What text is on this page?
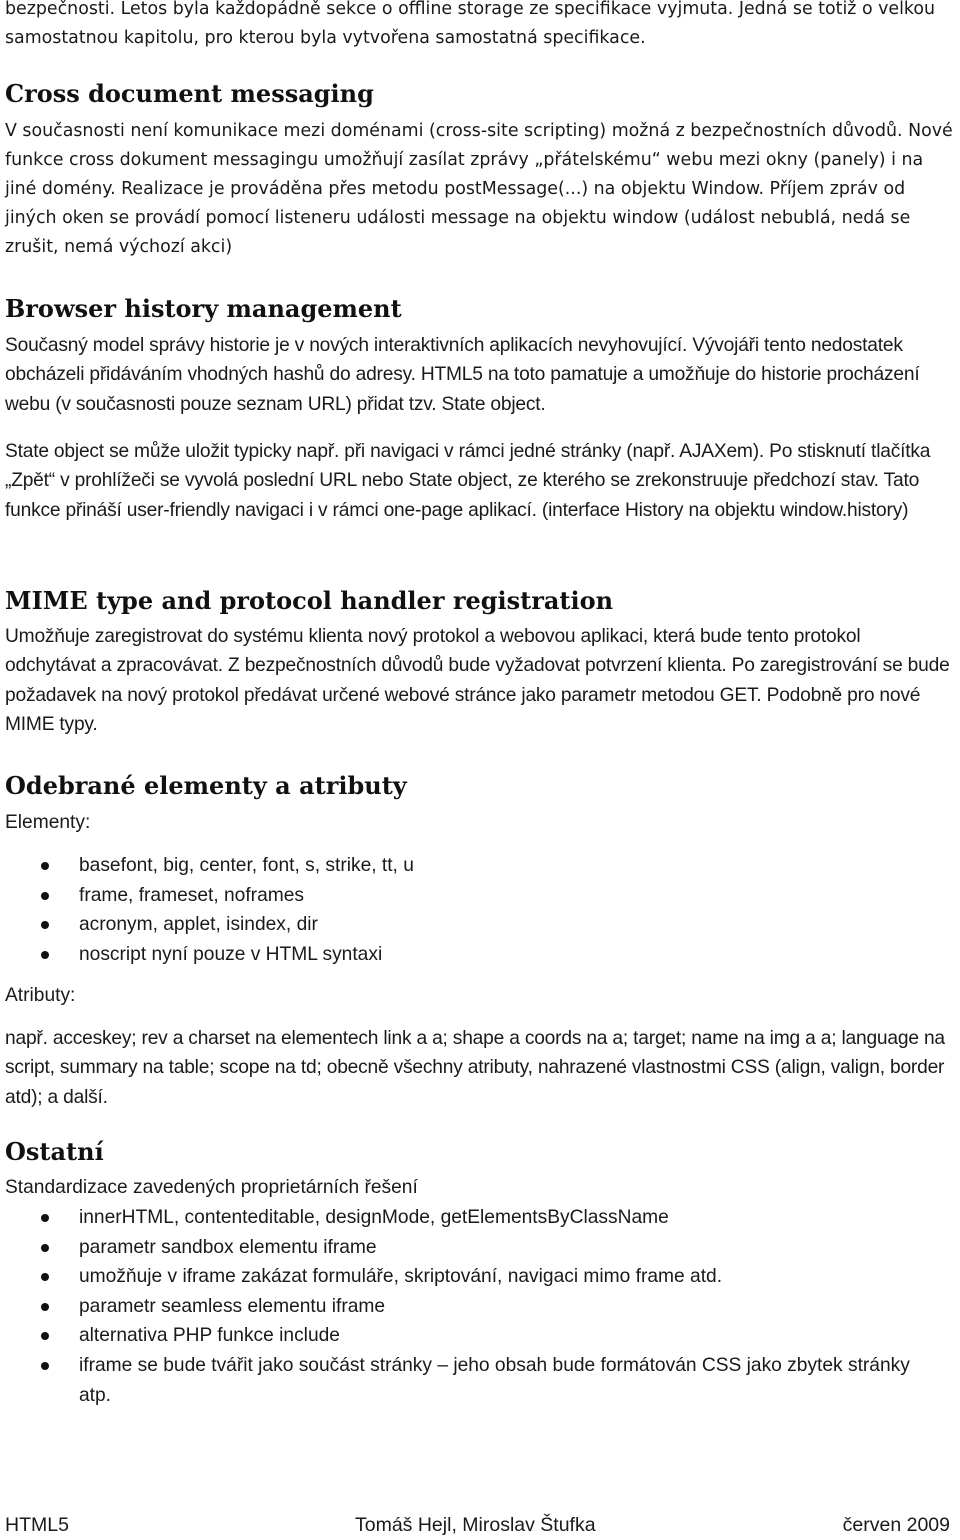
bezpečnosti. Letos byla každopádně sekce o offline storage ze specifikace vyjmuta. Jedná se totiž o velkou samostatnou kapitolu, pro kterou byla vytvořena samostatná specifikace.

Cross document messaging

V současnosti není komunikace mezi doménami (cross-site scripting) možná z bezpečnostních důvodů. Nové funkce cross dokument messagingu umožňují zasílat zprávy „přátelskému“ webu mezi okny (panely) i na jiné domény. Realizace je prováděna přes metodu postMessage(...) na objektu Window. Příjem zpráv od jiných oken se provádí pomocí listeneru události message na objektu window (událost nebublá, nedá se zrušit, nemá výchozí akci)

Browser history management

Současný model správy historie je v nových interaktivních aplikacích nevyhovující. Vývojáři tento nedostatek obcházeli přidáváním vhodných hashů do adresy. HTML5 na toto pamatuje a umožňuje do historie procházení webu (v současnosti pouze seznam URL) přidat tzv. State object.

State object se může uložit typicky např. při navigaci v rámci jedné stránky (např. AJAXem). Po stisknutí tlačítka „Zpět“ v prohlížeči se vyvolá poslední URL nebo State object, ze kterého se zrekonstruuje předchozí stav. Tato funkce přináší user-friendly navigaci i v rámci one-page aplikací. (interface History na objektu window.history)

MIME type and protocol handler registration

Umožňuje zaregistrovat do systému klienta nový protokol a webovou aplikaci, která bude tento protokol odchytávat a zpracovávat. Z bezpečnostních důvodů bude vyžadovat potvrzení klienta. Po zaregistrování se bude požadavek na nový protokol předávat určené webové stránce jako parametr metodou GET. Podobně pro nové MIME typy.

Odebrané elementy a atributy

Elementy:

basefont, big, center, font, s, strike, tt, u
frame, frameset, noframes
acronym, applet, isindex, dir
noscript nyní pouze v HTML syntaxi

Atributy:

např. acceskey; rev a charset na elementech link a a; shape a coords na a; target; name na img a a; language na script, summary na table; scope na td; obecně všechny atributy, nahrazené vlastnostmi CSS (align, valign, border atd); a další.

Ostatní

Standardizace zavedených proprietárních řešení

innerHTML, contenteditable, designMode, getElementsByClassName
parametr sandbox elementu iframe
umožňuje v iframe zakázat formuláře, skriptování, navigaci mimo frame atd.
parametr seamless elementu iframe
alternativa PHP funkce include
iframe se bude tvářit jako součást stránky – jeho obsah bude formátován CSS jako zbytek stránky atp.
HTML5	Tomáš Hejl, Miroslav Štufka	červen 2009
